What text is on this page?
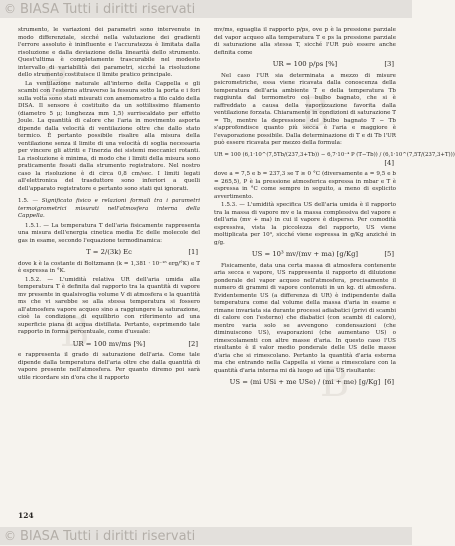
© BIASA Tutti i diritti riservati
B
B
B
B

strumento, le variazioni dei parametri sono intervenute in modo differenziale, sicché nella valutazione dei gradienti l'errore assoluto è ininfluente e l'accuratezza è limitata dalla risoluzione e dalla deviazione della linearità dello strumento. Quest'ultima è completamente trascurabile nel modesto intervallo di variabilità dei parametri, sicché la risoluzione dello strumento costituisce il limite pratico principale.

La ventilazione naturale all'interno della Cappella e gli scambi con l'esterno attraverso la fessura sotto la porta e i fori sulla volta sono stati misurati con anemometro a filo caldo della DISA. Il sensore è costituito da un sottilissimo filamento (diametro 5 μ; lunghezza mm 1,5) surriscaldato per effetto Joule. La quantità di calore che l'aria in movimento asporta dipende dalla velocità di ventilazione oltre che dallo stato termico. È pertanto possibile risalire alla misura della ventilazione senza il limite di una velocità di soglia necessaria per vincere gli attriti e l'inerzia dei sistemi meccanici rotanti. La risoluzione è minima, di modo che i limiti della misura sono praticamente fissati dalla strumento registratore. Nel nostro caso la risoluzione è di circa 0,8 cm/sec. I limiti legati all'elettronica del trasduttore sono inferiori a quelli dell'apparato registratore e pertanto sono stati qui ignorati.

1.5. — Significato fisico e relazioni formali tra i parametri termoigrometrici misurati nell'atmosfera interna della Cappella.

1.5.1. — La temperatura T dell'aria fisicamente rappresenta una misura dell'energia cinetica media Ec delle molecole del gas in esame, secondo l'equazione termodinamica:

T = 2/(3k) Ec	[1]

dove k è la costante di Boltzmann (k = 1,381 · 10⁻¹⁶ erg/°K) e T è espressa in °K.

1.5.2. — L'umidità relativa UR dell'aria umida alla temperatura T è definita dal rapporto tra la quantità di vapore mv presente in qualsivoglia volume V di atmosfera e la quantità ms che vi sarebbe se alla stessa temperatura si fossero all'atmosfera vapore acqueo sino a raggiungere la saturazione, cioè la condizione di equilibrio con riferimento ad una superficie piana di acqua distillata. Pertanto, esprimendo tale rapporto in forma percentuale, come d'usuale:

UR = 100 mv/ms [%]	[2]

e rappresenta il grado di saturazione dell'aria. Come tale dipende dalla temperatura dell'aria oltre che dalla quantità di vapore presente nell'atmosfera. Per quanto diremo poi sarà utile ricordare sin d'ora che il rapporto

mv/ms, eguaglia il rapporto p/ps, ove p è la pressione parziale del vapor acqueo alla temperatura T e ps la pressione parziale di saturazione alla stessa T, sicché l'UR può essere anche definita come

UR = 100 p/ps [%]	[3]

Nel caso l'UR sia determinata a mezzo di misure psicrometriche, essa viene ricavata dalla conoscenza della temperatura dell'aria ambiente T e della temperatura Tb raggiunta dal termometro col bulbo bagnato, che si è raffreddato a causa della vaporizzazione favorita dalla ventilazione forzata. Chiaramente in condizioni di saturazione T = Tb, mentre la depressione del bulbo bagnato T − Tb s'approfondisce quanto più secca è l'aria e maggiore è l'evaporazione possibile. Dalla determinazione di T e di Tb l'UR può essere ricavata per mezzo della formula:

UR = 100 (6,1·10^(7,5Tb/(237,3+Tb)) − 6,7·10⁻⁴ P (T−Tb)) / (6,1·10^(7,5T/(237,3+T)))
[4]

dove a = 7,5 e b = 237,3 se T ≥ 0 °C (diversamente a = 9,5 e b = 265,5), P è la pressione atmosferica espressa in mbar e T è espressa in °C come sempre in seguito, a meno di esplicito avvertimento.

1.5.3. — L'umidità specifica US dell'aria umida è il rapporto tra la massa di vapore mv e la massa complessiva del vapore e dell'aria (mv + ma) in cui il vapore è disperso. Per comodità espressiva, vista la piccolezza del rapporto, US viene moltiplicata per 10³, sicché viene espressa in g/Kg anziché in g/g.

US = 10³ mv/(mv + ma) [g/Kg]	[5]

Fisicamente, data una certa massa di atmosfera contenente aria secca e vapore, US rappresenta il rapporto di diluizione ponderale del vapor acqueo nell'atmosfera, precisamente il numero di grammi di vapore contenuti in un kg. di atmosfera. Evidentemente US (a differenza di UR) è indipendente dalla temperatura come dal volume della massa d'aria in esame e rimane invariata sia durante processi adiabatici (privi di scambi di calore con l'esterno) che diabatici (con scambi di calore), mentre varia solo se avvengono condensazioni (che diminuiscono US), evaporazioni (che aumentano US) o rimescolamenti con altre masse d'aria. In questo caso l'US risultante è il valor medio ponderale delle US delle masse d'aria che si rimescolano. Pertanto la quantità d'aria esterna ma che entrando nella Cappella si viene a rimescolare con la quantità d'aria interna mi dà luogo ad una US risultante:

US = (mi USi + me USe) / (mi + me) [g/Kg] [6]
124
© BIASA Tutti i diritti riservati
